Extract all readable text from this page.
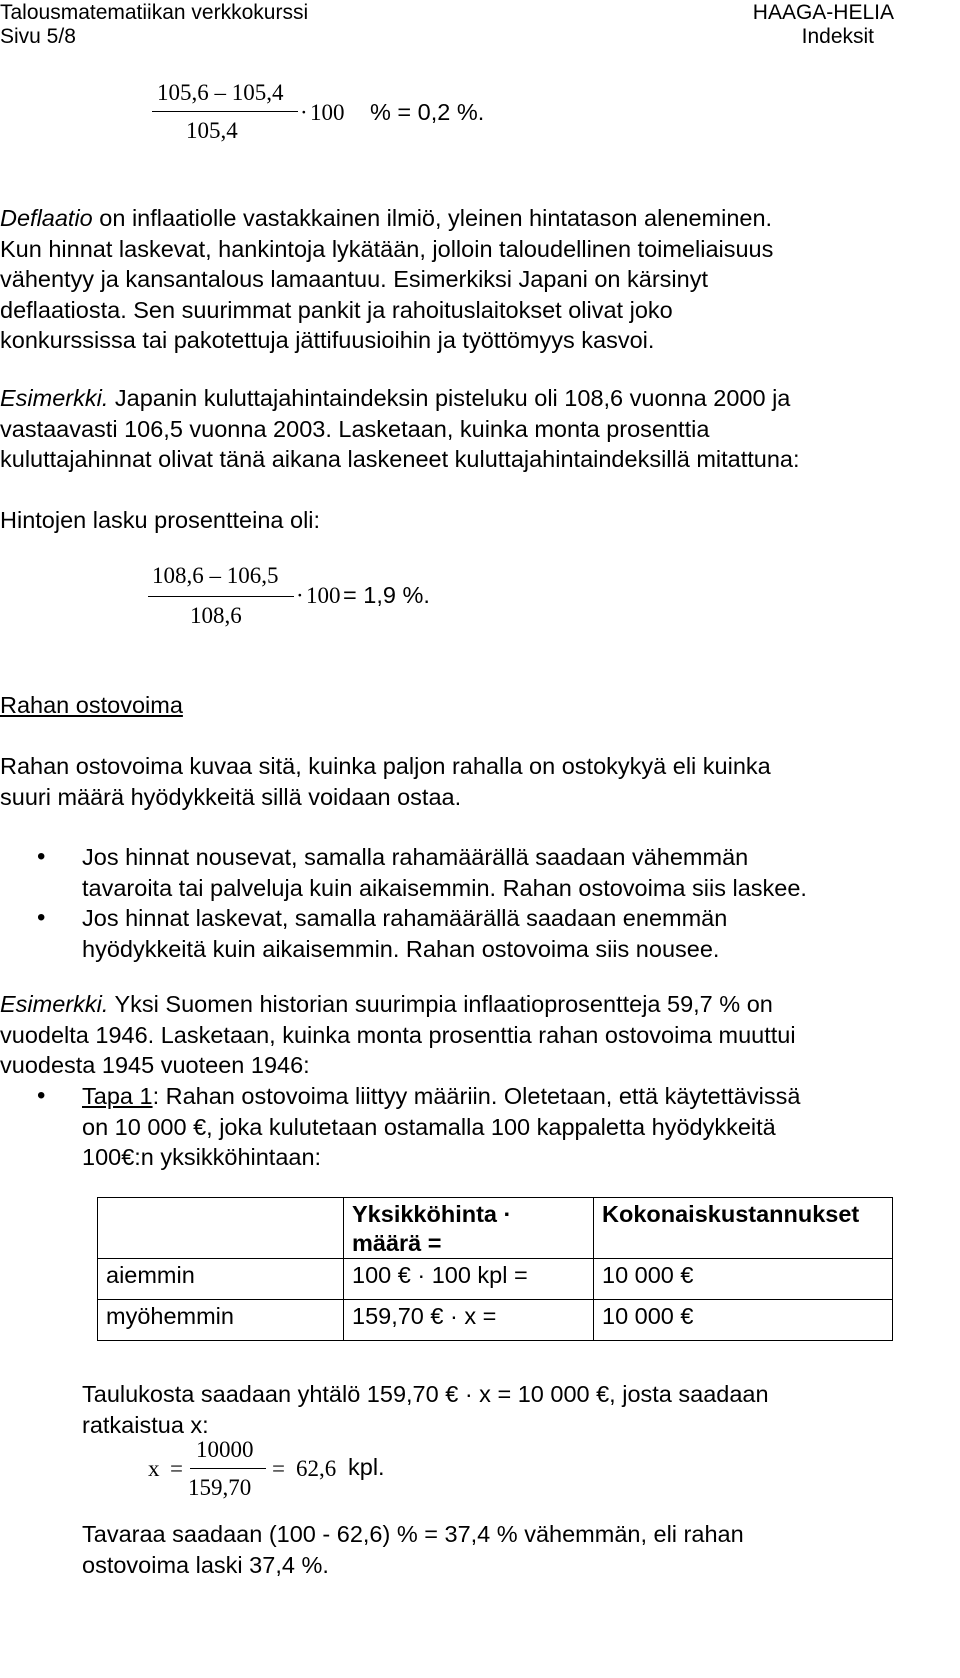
Talousmatematiikan verkkokurssi
Sivu 5/8
HAAGA-HELIA
Indeksit
105,6 – 105,4
105,4
· 100 % = 0,2 %.
Deflaatio on inflaatiolle vastakkainen ilmiö, yleinen hintatason aleneminen.
Kun hinnat laskevat, hankintoja lykätään, jolloin taloudellinen toimeliaisuus
vähentyy ja kansantalous lamaantuu. Esimerkiksi Japani on kärsinyt
deflaatiosta. Sen suurimmat pankit ja rahoituslaitokset olivat joko
konkurssissa tai pakotettuja jättifuusioihin ja työttömyys kasvoi.
Esimerkki. Japanin kuluttajahintaindeksin pisteluku oli 108,6 vuonna 2000 ja
vastaavasti 106,5 vuonna 2003. Lasketaan, kuinka monta prosenttia
kuluttajahinnat olivat tänä aikana laskeneet kuluttajahintaindeksillä mitattuna:
Hintojen lasku prosentteina oli:
108,6 – 106,5
108,6
· 100 = 1,9 %.
Rahan ostovoima
Rahan ostovoima kuvaa sitä, kuinka paljon rahalla on ostokykyä eli kuinka
suuri määrä hyödykkeitä sillä voidaan ostaa.
• Jos hinnat nousevat, samalla rahamäärällä saadaan vähemmän
tavaroita tai palveluja kuin aikaisemmin. Rahan ostovoima siis laskee.
• Jos hinnat laskevat, samalla rahamäärällä saadaan enemmän
hyödykkeitä kuin aikaisemmin. Rahan ostovoima siis nousee.
Esimerkki. Yksi Suomen historian suurimpia inflaatioprosentteja 59,7 % on
vuodelta 1946. Lasketaan, kuinka monta prosenttia rahan ostovoima muuttui
vuodesta 1945 vuoteen 1946:
• Tapa 1: Rahan ostovoima liittyy määriin. Oletetaan, että käytettävissä
on 10 000 €, joka kulutetaan ostamalla 100 kappaletta hyödykkeitä
100€:n yksikköhintaan:
	Yksikköhinta ·
määrä =	Kokonaiskustannukset
aiemmin	100 € · 100 kpl =	10 000 €
myöhemmin	159,70 € · x =	10 000 €
Taulukosta saadaan yhtälö 159,70 € · x = 10 000 €, josta saadaan
ratkaistua x:
x =
10000
159,70
= 62,6 kpl.
Tavaraa saadaan (100 - 62,6) % = 37,4 % vähemmän, eli rahan
ostovoima laski 37,4 %.
